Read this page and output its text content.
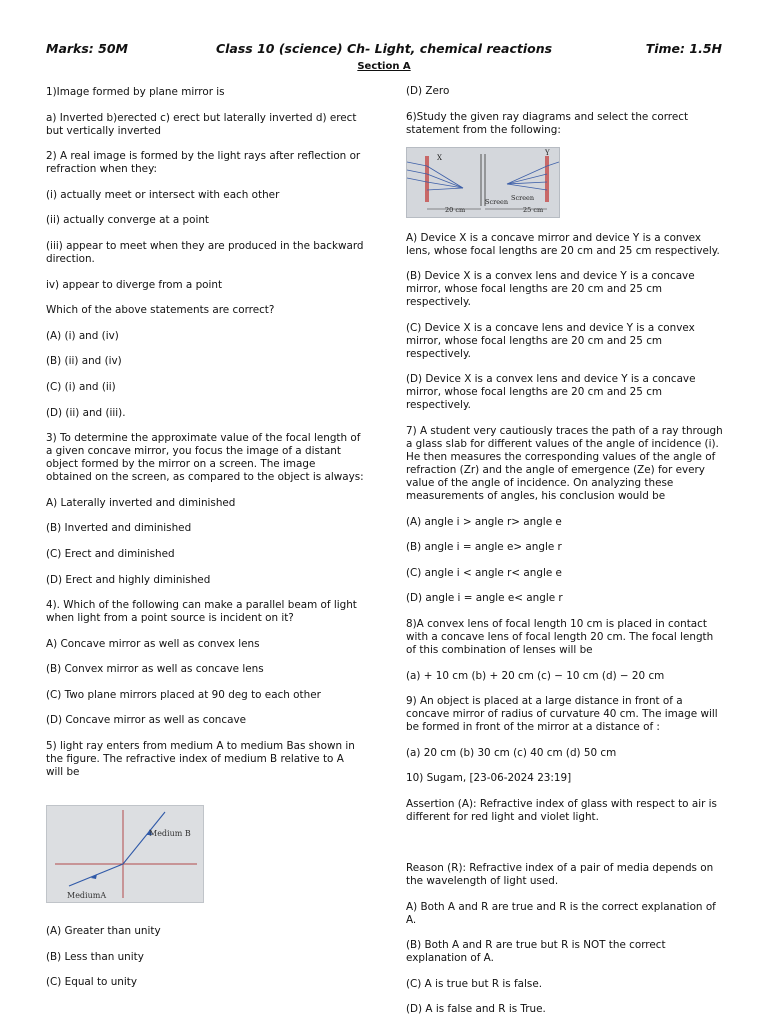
Class 10 (science) Ch- Light, chemical reactions
Marks: 50M	Time: 1.5H
Section A
1)Image formed by plane mirror is
a) Inverted b)erected c) erect but laterally inverted d) erect but vertically inverted
2) A real image is formed by the light rays after reflection or refraction when they:
(i) actually meet or intersect with each other
(ii) actually converge at a point
(iii) appear to meet when they are produced in the backward direction.
iv) appear to diverge from a point
Which of the above statements are correct?
(A) (i) and (iv)
(B) (ii) and (iv)
(C) (i) and (ii)
(D) (ii) and (iii).
3) To determine the approximate value of the focal length of a given concave mirror, you focus the image of a distant object formed by the mirror on a screen. The image obtained on the screen, as compared to the object is always:
A) Laterally inverted and diminished
(B) Inverted and diminished
(C) Erect and diminished
(D) Erect and highly diminished
4). Which of the following can make a parallel beam of light when light from a point source is incident on it?
A) Concave mirror as well as convex lens
(B) Convex mirror as well as concave lens
(C) Two plane mirrors placed at 90 deg to each other
(D) Concave mirror as well as concave
5) light ray enters from medium A to medium Bas shown in the figure. The refractive index of medium B relative to A will be
Medium B
MediumA
(A) Greater than unity
(B) Less than unity
(C) Equal to unity
(D) Zero
6)Study the given ray diagrams and select the correct statement from the following:
X
Y
Screen Screen
20 cm	25 cm
A) Device X is a concave mirror and device Y is a convex lens, whose focal lengths are 20 cm and 25 cm respectively.
(B) Device X is a convex lens and device Y is a concave mirror, whose focal lengths are 20 cm and 25 cm respectively.
(C) Device X is a concave lens and device Y is a convex mirror, whose focal lengths are 20 cm and 25 cm respectively.
(D) Device X is a convex lens and device Y is a concave mirror, whose focal lengths are 20 cm and 25 cm respectively.
7) A student very cautiously traces the path of a ray through a glass slab for different values of the angle of incidence (i). He then measures the corresponding values of the angle of refraction (Zr) and the angle of emergence (Ze) for every value of the angle of incidence. On analyzing these measurements of angles, his conclusion would be
(A) angle i > angle r> angle e
(B) angle i = angle e> angle r
(C) angle i < angle r< angle e
(D) angle i = angle e< angle r
8)A convex lens of focal length 10 cm is placed in contact with a concave lens of focal length 20 cm. The focal length of this combination of lenses will be
(a) + 10 cm (b) + 20 cm (c) − 10 cm (d) − 20 cm
9) An object is placed at a large distance in front of a concave mirror of radius of curvature 40 cm. The image will be formed in front of the mirror at a distance of :
(a) 20 cm (b) 30 cm (c) 40 cm (d) 50 cm
10) Sugam, [23-06-2024 23:19]
Assertion (A): Refractive index of glass with respect to air is different for red light and violet light.
Reason (R): Refractive index of a pair of media depends on the wavelength of light used.
A) Both A and R are true and R is the correct explanation of A.
(B) Both A and R are true but R is NOT the correct explanation of A.
(C) A is true but R is false.
(D) A is false and R is True.
